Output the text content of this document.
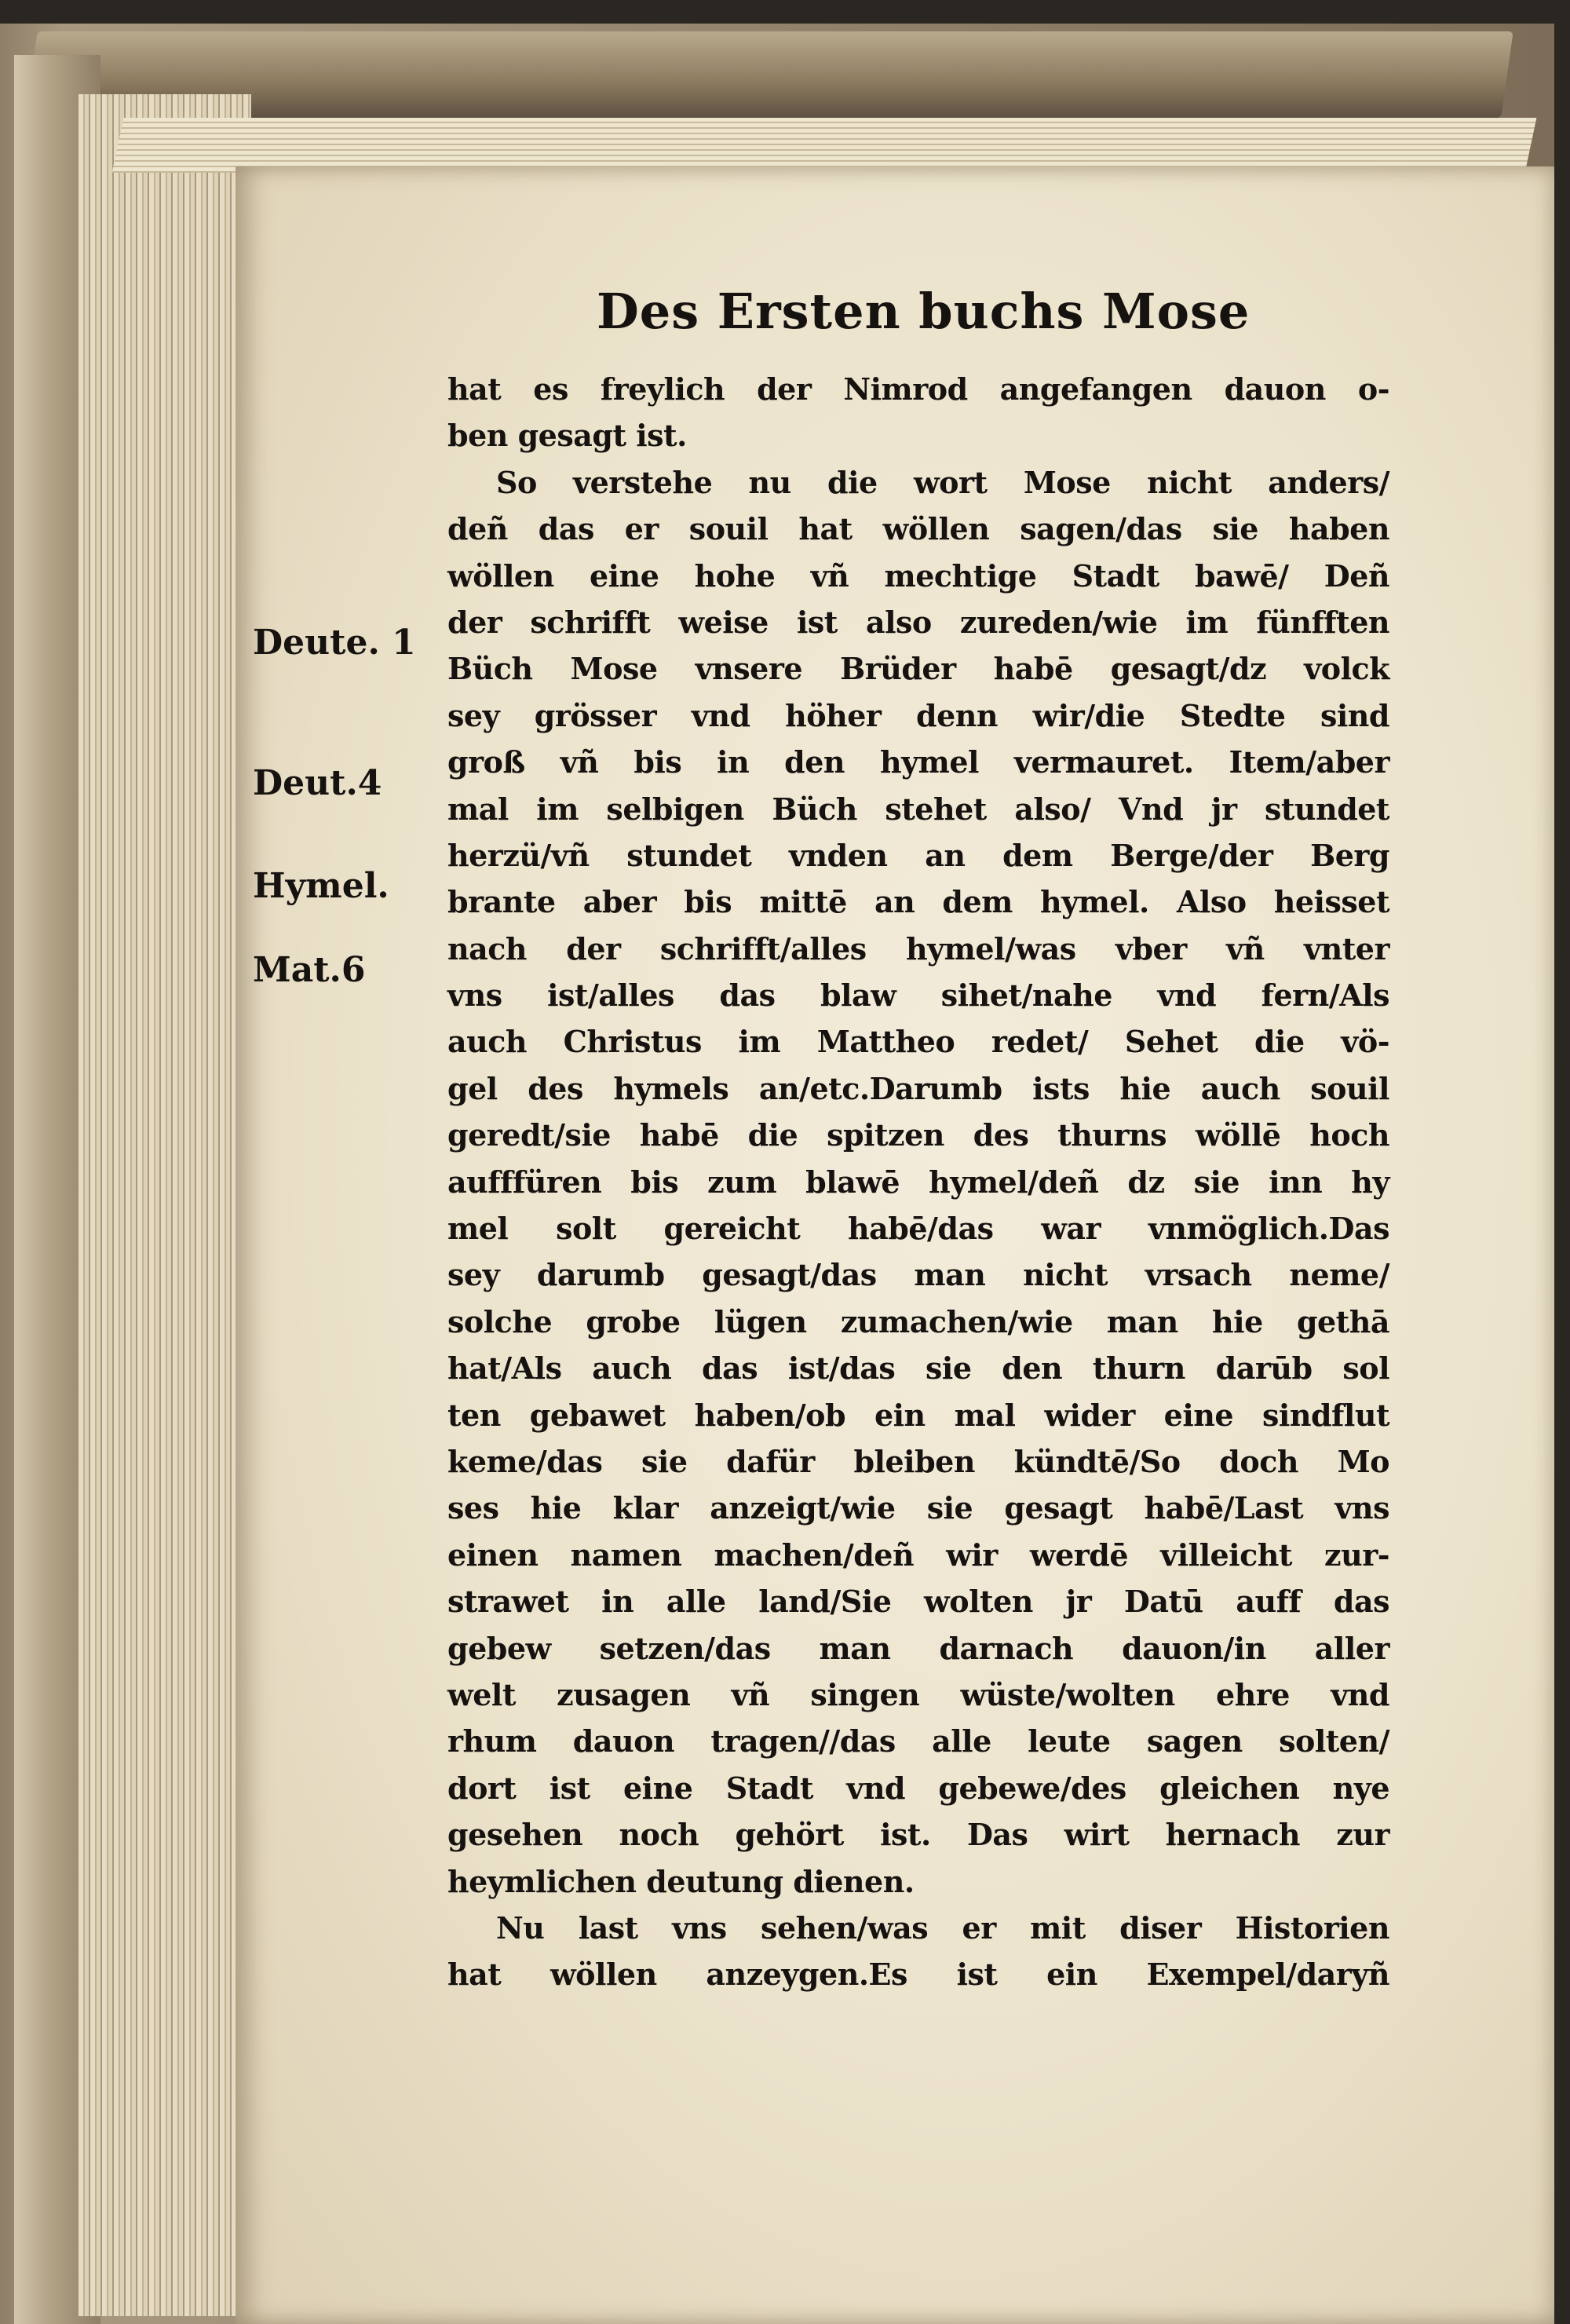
Des Ersten buchs Mose
Deute. 1
Deut.4
Hymel.
Mat.6
hat es freylich der Nimrod angefangen dauon o-
ben gesagt ist.
So verstehe nu die wort Mose nicht anders/
deñ das er souil hat wöllen sagen/das sie haben
wöllen eine hohe vñ mechtige Stadt bawē/ Deñ
der schrifft weise ist also zureden/wie im fünfften
Büch Mose vnsere Brüder habē gesagt/dz volck
sey grösser vnd höher denn wir/die Stedte sind
groß vñ bis in den hymel vermauret. Item/aber
mal im selbigen Büch stehet also/ Vnd jr stundet
herzü/vñ stundet vnden an dem Berge/der Berg
brante aber bis mittē an dem hymel. Also heisset
nach der schrifft/alles hymel/was vber vñ vnter
vns ist/alles das blaw sihet/nahe vnd fern/Als
auch Christus im Mattheo redet/ Sehet die vö-
gel des hymels an/etc.Darumb ists hie auch souil
geredt/sie habē die spitzen des thurns wöllē hoch
aufffüren bis zum blawē hymel/deñ dz sie inn hy
mel solt gereicht habē/das war vnmöglich.Das
sey darumb gesagt/das man nicht vrsach neme/
solche grobe lügen zumachen/wie man hie gethā
hat/Als auch das ist/das sie den thurn darūb sol
ten gebawet haben/ob ein mal wider eine sindflut
keme/das sie dafür bleiben kündtē/So doch Mo
ses hie klar anzeigt/wie sie gesagt habē/Last vns
einen namen machen/deñ wir werdē villeicht zur-
strawet in alle land/Sie wolten jr Datū auff das
gebew setzen/das man darnach dauon/in aller
welt zusagen vñ singen wüste/wolten ehre vnd
rhum dauon tragen//das alle leute sagen solten/
dort ist eine Stadt vnd gebewe/des gleichen nye
gesehen noch gehört ist. Das wirt hernach zur
heymlichen deutung dienen.
Nu last vns sehen/was er mit diser Historien
hat wöllen anzeygen.Es ist ein Exempel/daryñ
